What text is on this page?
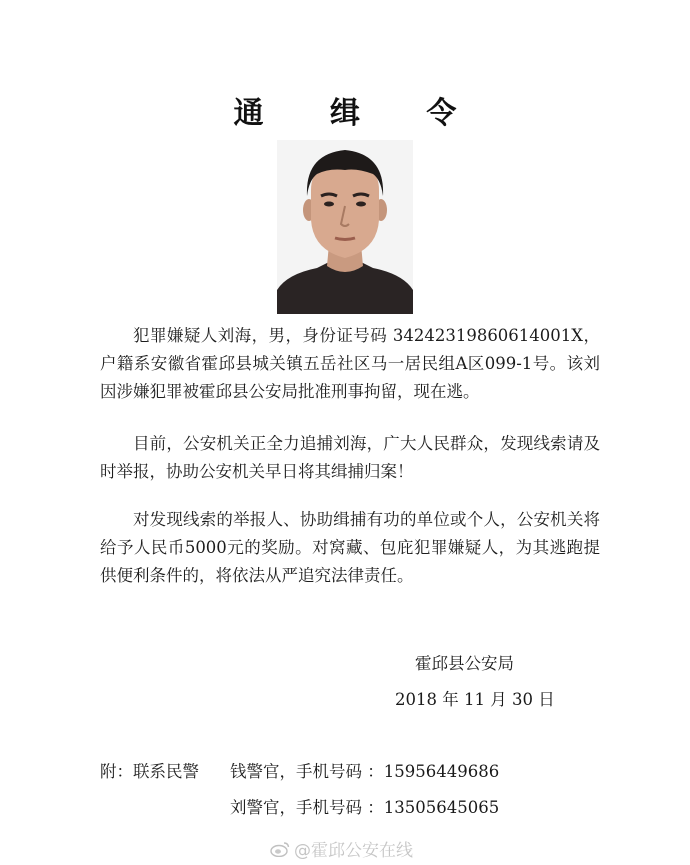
通 缉 令

犯罪嫌疑人刘海，男，身份证号码 34242319860614001X，户籍系安徽省霍邱县城关镇五岳社区马一居民组A区099-1号。该刘因涉嫌犯罪被霍邱县公安局批准刑事拘留，现在逃。

目前，公安机关正全力追捕刘海，广大人民群众，发现线索请及时举报，协助公安机关早日将其缉捕归案！

对发现线索的举报人、协助缉捕有功的单位或个人，公安机关将给予人民币5000元的奖励。对窝藏、包庇犯罪嫌疑人，为其逃跑提供便利条件的，将依法从严追究法律责任。

霍邱县公安局
2018 年 11 月 30 日
附：联系民警 钱警官，手机号码 ：15956449686
刘警官，手机号码 ：13505645065
@霍邱公安在线
